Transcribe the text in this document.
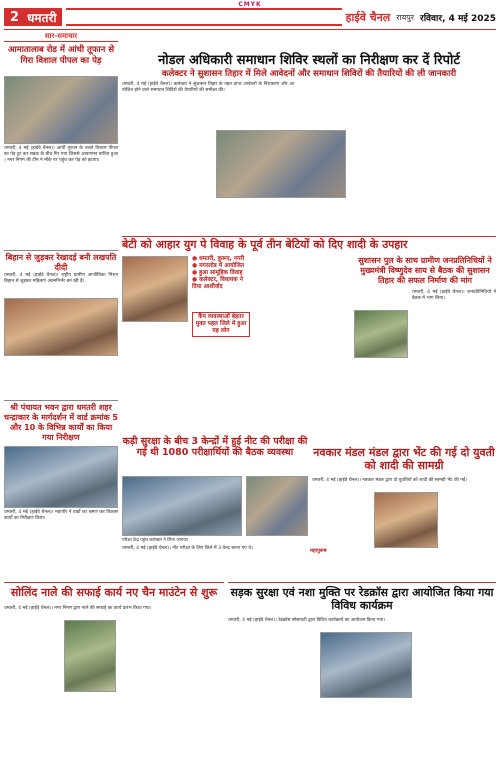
CMYK
2 धमतरी	हाईवे चैनल रायपुर रविवार, 4 मई 2025
सार-समाचार
आमातालाब रोड में आंधी तूफान से गिरा विशाल पीपल का पेड़
धमतरी, 4 मई (हाईवे चैनल)। आंधी तूफान के चलते विशाल पीपल का पेड़ टूट कर सड़क के बीच गिर गया जिससे आवागमन बाधित हुआ। नगर निगम की टीम ने मौके पर पहुंच कर पेड़ को हटाया।
बिहान से जुड़कर रेखादई बनी लखपति दीदी
धमतरी, 4 मई (हाईवे चैनल)। राष्ट्रीय ग्रामीण आजीविका मिशन बिहान से जुड़कर महिलाएं आत्मनिर्भर बन रही हैं।
श्री पंचायत भवन द्वारा धमतरी शहर चन्द्राकार के मार्गदर्शन में वार्ड क्रमांक 5 और 10 के विभिन्न कार्यों का किया गया निरीक्षण
धमतरी, 4 मई (हाईवे चैनल)। महापौर ने वार्डों का भ्रमण कर विकास कार्यों का निरीक्षण किया।
नोडल अधिकारी समाधान शिविर स्थलों का निरीक्षण कर दें रिपोर्ट
कलेक्टर ने सुशासन तिहार में मिले आवेदनों और समाधान शिविरों की तैयारियों की ली जानकारी
धमतरी, 4 मई (हाईवे चैनल)। कलेक्टर ने सुशासन तिहार के तहत प्राप्त आवेदनों के निराकरण और आयोजित होने वाले समाधान शिविरों की तैयारियों की समीक्षा की।
बेटी को आहार युग पे विवाह के पूर्व तीन बेटियों को दिए शादी के उपहार
● धमतरी, कुरूद, नगरी
● मगरलोड में आयोजित
● हुआ सामूहिक विवाह
● कलेक्टर, विधायक ने दिया आशीर्वाद
कैंप व्यवस्थाओं बेहतर मुक्त पहल जिले में हुआ यह लोग
सुशासन पुल के साथ ग्रामीण जनप्रतिनिधियों ने मुख्यमंत्री विष्णुदेव साय से बैठक की सुशासन तिहार की सफल निर्माण की मांग
धमतरी, 4 मई (हाईवे चैनल)। जनप्रतिनिधियों ने बैठक में भाग लिया।
कड़ी सुरक्षा के बीच 3 केन्द्रों में हुई नीट की परीक्षा की गई थी 1080 परीक्षार्थियों की बैठक व्यवस्था
परीक्षा केंद्र पहुंच कलेक्टर ने लिया जायजा
धमतरी, 4 मई (हाईवे चैनल)। नीट परीक्षा के लिए जिले में 3 केन्द्र बनाए गए थे।	महापुरूष
नवकार मंडल मंडल द्वारा भेंट की गई दो युवती को शादी की सामग्री
धमतरी, 4 मई (हाईवे चैनल)। नवकार मंडल द्वारा दो युवतियों को शादी की सामग्री भेंट की गई।
सोलिंद नाले की सफाई कार्य नए चैन माउंटेन से शुरू
धमतरी, 4 मई (हाईवे चैनल)। नगर निगम द्वारा नाले की सफाई का कार्य प्रारंभ किया गया।
सड़क सुरक्षा एवं नशा मुक्ति पर रेडक्रॉस द्वारा आयोजित किया गया विविध कार्यक्रम
धमतरी, 4 मई (हाईवे चैनल)। रेडक्रॉस सोसायटी द्वारा विविध कार्यक्रमों का आयोजन किया गया।
